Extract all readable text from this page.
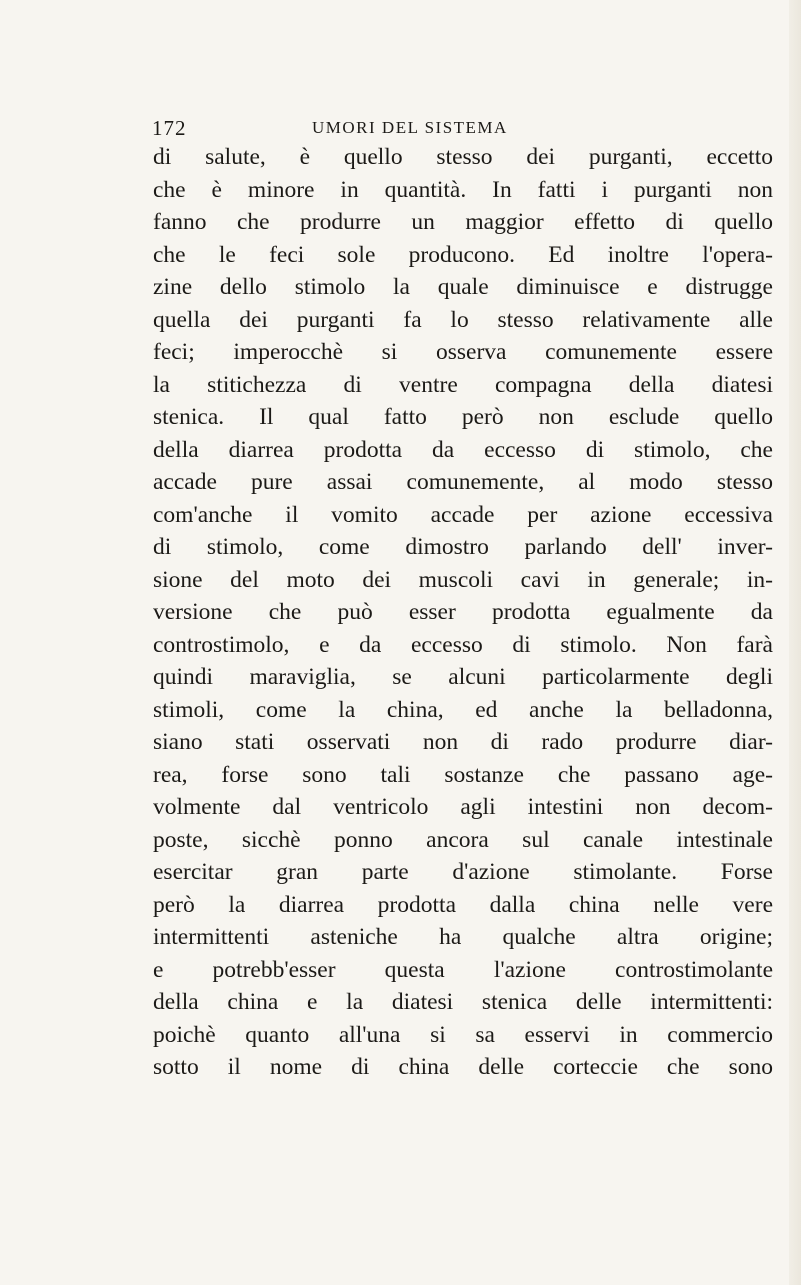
172	UMORI DEL SISTEMA
di salute, è quello stesso dei purganti, eccetto
che è minore in quantità. In fatti i purganti non
fanno che produrre un maggior effetto di quello
che le feci sole producono. Ed inoltre l'opera-
zine dello stimolo la quale diminuisce e distrugge
quella dei purganti fa lo stesso relativamente alle
feci; imperocchè si osserva comunemente essere
la stitichezza di ventre compagna della diatesi
stenica. Il qual fatto però non esclude quello
della diarrea prodotta da eccesso di stimolo, che
accade pure assai comunemente, al modo stesso
com'anche il vomito accade per azione eccessiva
di stimolo, come dimostro parlando dell' inver-
sione del moto dei muscoli cavi in generale; in-
versione che può esser prodotta egualmente da
controstimolo, e da eccesso di stimolo. Non farà
quindi maraviglia, se alcuni particolarmente degli
stimoli, come la china, ed anche la belladonna,
siano stati osservati non di rado produrre diar-
rea, forse sono tali sostanze che passano age-
volmente dal ventricolo agli intestini non decom-
poste, sicchè ponno ancora sul canale intestinale
esercitar gran parte d'azione stimolante. Forse
però la diarrea prodotta dalla china nelle vere
intermittenti asteniche ha qualche altra origine;
e potrebb'esser questa l'azione controstimolante
della china e la diatesi stenica delle intermittenti:
poichè quanto all'una si sa esservi in commercio
sotto il nome di china delle corteccie che sono
